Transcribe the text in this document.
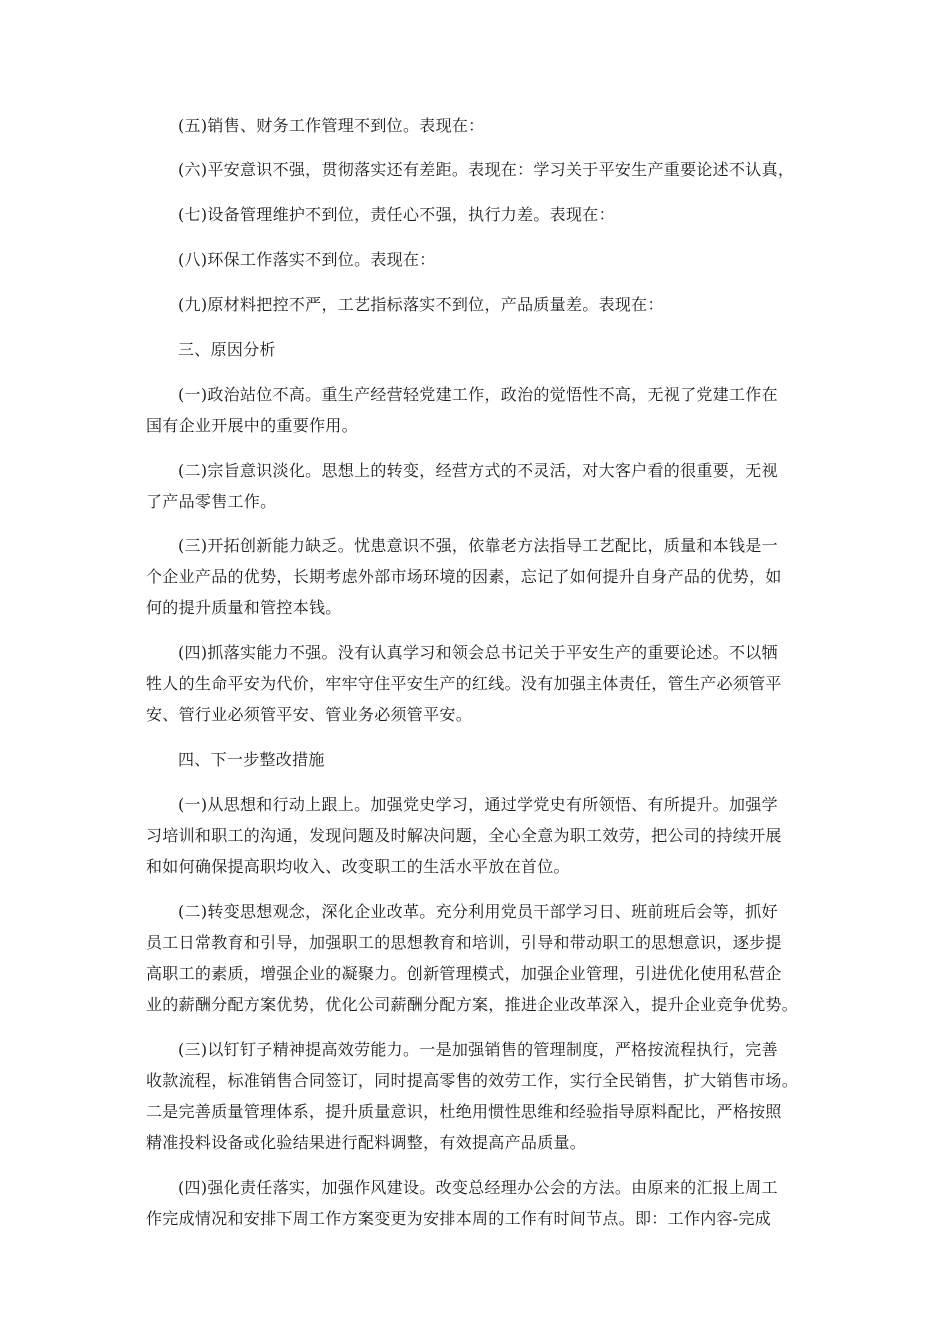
(五)销售、财务工作管理不到位。表现在：
(六)平安意识不强，贯彻落实还有差距。表现在：学习关于平安生产重要论述不认真，
(七)设备管理维护不到位，责任心不强，执行力差。表现在：
(八)环保工作落实不到位。表现在：
(九)原材料把控不严，工艺指标落实不到位，产品质量差。表现在：
三、原因分析
(一)政治站位不高。重生产经营轻党建工作，政治的觉悟性不高，无视了党建工作在
国有企业开展中的重要作用。
(二)宗旨意识淡化。思想上的转变，经营方式的不灵活，对大客户看的很重要，无视
了产品零售工作。
(三)开拓创新能力缺乏。忧患意识不强，依靠老方法指导工艺配比，质量和本钱是一
个企业产品的优势，长期考虑外部市场环境的因素，忘记了如何提升自身产品的优势，如
何的提升质量和管控本钱。
(四)抓落实能力不强。没有认真学习和领会总书记关于平安生产的重要论述。不以牺
牲人的生命平安为代价，牢牢守住平安生产的红线。没有加强主体责任，管生产必须管平
安、管行业必须管平安、管业务必须管平安。
四、下一步整改措施
(一)从思想和行动上跟上。加强党史学习，通过学党史有所领悟、有所提升。加强学
习培训和职工的沟通，发现问题及时解决问题，全心全意为职工效劳，把公司的持续开展
和如何确保提高职均收入、改变职工的生活水平放在首位。
(二)转变思想观念，深化企业改革。充分利用党员干部学习日、班前班后会等，抓好
员工日常教育和引导，加强职工的思想教育和培训，引导和带动职工的思想意识，逐步提
高职工的素质，增强企业的凝聚力。创新管理模式，加强企业管理，引进优化使用私营企
业的薪酬分配方案优势，优化公司薪酬分配方案，推进企业改革深入，提升企业竞争优势。
(三)以钉钉子精神提高效劳能力。一是加强销售的管理制度，严格按流程执行，完善
收款流程，标准销售合同签订，同时提高零售的效劳工作，实行全民销售，扩大销售市场。
二是完善质量管理体系，提升质量意识，杜绝用惯性思维和经验指导原料配比，严格按照
精准投料设备或化验结果进行配料调整，有效提高产品质量。
(四)强化责任落实，加强作风建设。改变总经理办公会的方法。由原来的汇报上周工
作完成情况和安排下周工作方案变更为安排本周的工作有时间节点。即：工作内容-完成
